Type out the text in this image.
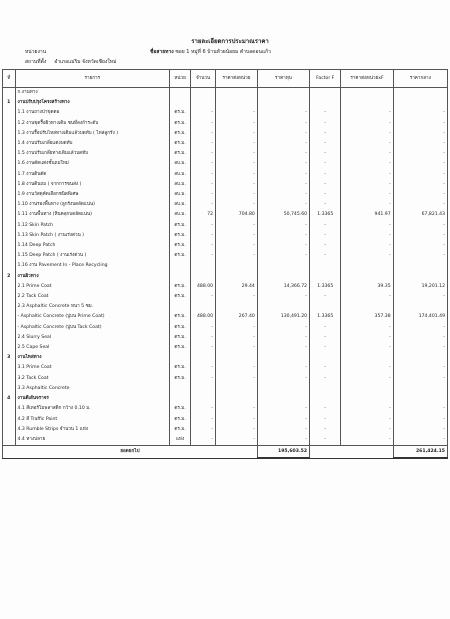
รายละเอียดการประมาณราคา
หน่วยงาน	ชื่อสายทาง ซอย 1 หมู่ที่ 6 บ้านห้วยน้อยม ตำบลดอนแก้ว
สถานที่ตั้ง อำเภอแม่ริม จังหวัดเชียงใหม่
ที่	รายการ	หน่วย	จำนวน	ราคาต่อหน่วย	ราคาทุน	Factor F	ราคาต่อหน่วยxF	ราคากลาง
	ก.งานทาง							
1	งานปรับปรุงโครงสร้างทาง							
	1.1 งานถางป่าขุดตอ	ตร.ม.	-	-	-	-	-	-
	1.2 งานขุดรื้อผิวทางเดิม ชนที่ลงถ้าระดับ	ตร.ม.	-	-	-	-	-	-
	1.3 งานรื้อปรับไหล่ทางเดิมแล้วบดทับ ( ไหล่ลูกรัง )	ตร.ม.	-	-	-	-	-	-
	1.4 งานปรับเกลี่ยแต่งบดทับ	ตร.ม.	-	-	-	-	-	-
	1.5 งานปรับเกลี่ยทางเดิมแล้วบดทับ	ตร.ม.	-	-	-	-	-	-
	1.6 งานตัดแต่งชั้นถมใหม่	ลบ.ม.	-	-	-	-	-	-
	1.7 งานดินตัด	ลบ.ม.	-	-	-	-	-	-
	1.8 งานดินถม ( จากการขนส่ง )	ลบ.ม.	-	-	-	-	-	-
	1.9 งานวัสดุคัดเลือกชนิดพิเศษ	ลบ.ม.	-	-	-	-	-	-
	1.10 งานรองพื้นทาง (ลูกรังบดอัดแน่น)	ลบ.ม.	-	-	-	-	-	-
	1.11 งานพื้นทาง (หินคลุกบดอัดแน่น)	ลบ.ม.	72	704.80	50,745.60	1.3365	941.97	67,821.43
	1.12 Skin Patch	ตร.ม.	-	-	-	-	-	-
	1.13 Skin Patch ( งานเร่งด่วน )	ตร.ม.	-	-	-	-	-	-
	1.14 Deep Patch	ตร.ม.	-	-	-	-	-	-
	1.15 Deep Patch ( งานเร่งด่วน )	ตร.ม.	-	-	-	-	-	-
	1.16 งาน Pavement In - Place Recycling							
2	งานผิวทาง							
	2.1 Prime Coat	ตร.ม.	488.00	29.44	14,366.72	1.3365	39.35	19,201.12
	2.2 Tack Coat	ตร.ม.	-	-	-	-	-	-
	2.3 Asphaltic Concrete หนา 5 ซม.							
	- Asphaltic Concrete (ปูบน Prime Coat)	ตร.ม.	488.00	267.40	130,491.20	1.3365	357.38	174,401.49
	- Asphaltic Concrete (ปูบน Tack Coat)	ตร.ม.	-	-	-	-	-	-
	2.4 Slurry Seal	ตร.ม.	-	-	-	-	-	-
	2.5 Cape Seal	ตร.ม.	-	-	-	-	-	-
3	งานไหล่ทาง							
	3.1 Prime Coat	ตร.ม.	-	-	-	-	-	-
	3.2 Tack Coat	ตร.ม.	-	-	-	-	-	-
	3.3 Asphaltic Concrete							
4	งานตีเส้นจราจร							
	4.1 สีเทอร์โมพลาสติก กว้าง 0.10 ม.	ตร.ม.	-	-	-	-	-	-
	4.2 สี Traffic Paint	ตร.ม.	-	-	-	-	-	-
	4.3 Rumble Strips จำนวน 1 แห่ง	ตร.ม.	-	-	-	-	-	-
	4.4 หางปลาย	แห่ง	-	-	-	-	-	-
ยอดยกไป					195,603.52			261,424.15
